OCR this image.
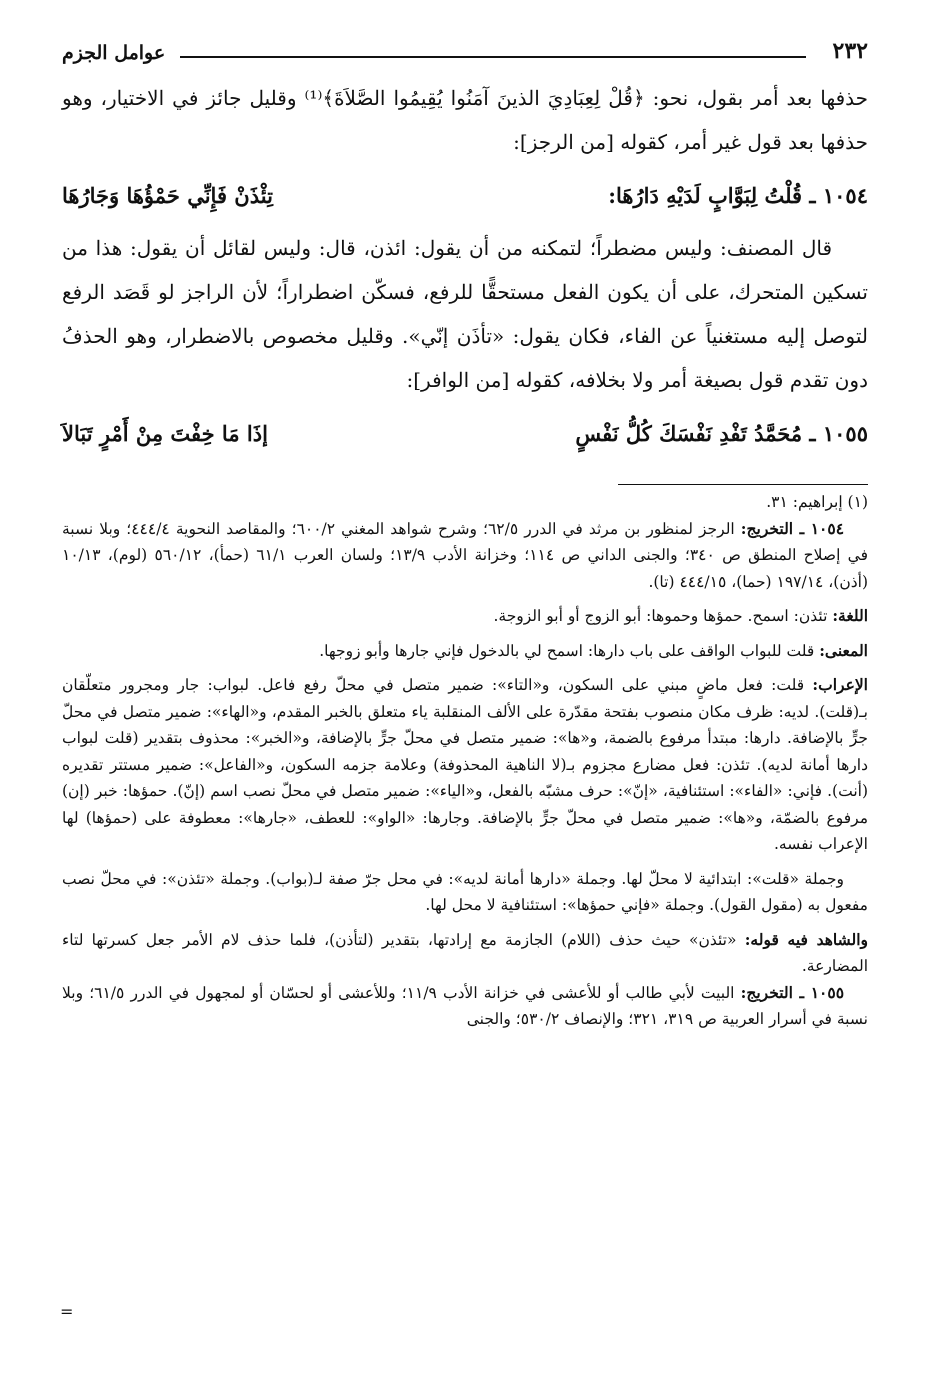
٢٣٢
عوامل الجزم

حذفها بعد أمر بقول، نحو: ﴿قُلْ لِعِبَادِيَ الذينَ آمَنُوا يُقِيمُوا الصَّلاَةَ﴾⁽¹⁾ وقليل جائز في الاختيار، وهو حذفها بعد قول غير أمر، كقوله [من الرجز]:

١٠٥٤ ـ قُلْتُ لِبَوَّابٍ لَدَيْهِ دَارُهَا:
تِئْذَنْ فَإِنِّي حَمْؤُهَا وَجَارُهَا

قال المصنف: وليس مضطراً؛ لتمكنه من أن يقول: ائذن، قال: وليس لقائل أن يقول: هذا من تسكين المتحرك، على أن يكون الفعل مستحقًّا للرفع، فسكّن اضطراراً؛ لأن الراجز لو قَصَد الرفع لتوصل إليه مستغنياً عن الفاء، فكان يقول: «تأذَن إنّي». وقليل مخصوص بالاضطرار، وهو الحذفُ دون تقدم قول بصيغة أمر ولا بخلافه، كقوله [من الوافر]:

١٠٥٥ ـ مُحَمَّدُ تَفْدِ نَفْسَكَ كُلُّ نَفْسٍ
إذَا مَا خِفْتَ مِنْ أَمْرٍ تَبَالاَ

(١) إبراهيم: ٣١.

١٠٥٤ ـ التخريج: الرجز لمنظور بن مرثد في الدرر ٦٢/٥؛ وشرح شواهد المغني ٦٠٠/٢؛ والمقاصد النحوية ٤٤٤/٤؛ وبلا نسبة في إصلاح المنطق ص ٣٤٠؛ والجنى الداني ص ١١٤؛ وخزانة الأدب ١٣/٩؛ ولسان العرب ٦١/١ (حمأ)، ٥٦٠/١٢ (لوم)، ١٠/١٣ (أذن)، ١٩٧/١٤ (حما)، ٤٤٤/١٥ (تا).

اللغة: تئذن: اسمح. حمؤها وحموها: أبو الزوج أو أبو الزوجة.

المعنى: قلت للبواب الواقف على باب دارها: اسمح لي بالدخول فإني جارها وأبو زوجها.

الإعراب: قلت: فعل ماضٍ مبني على السكون، و«التاء»: ضمير متصل في محلّ رفع فاعل. لبواب: جار ومجرور متعلّقان بـ(قلت). لديه: ظرف مكان منصوب بفتحة مقدّرة على الألف المنقلبة ياء متعلق بالخبر المقدم، و«الهاء»: ضمير متصل في محلّ جرٍّ بالإضافة. دارها: مبتدأ مرفوع بالضمة، و«ها»: ضمير متصل في محلّ جرٍّ بالإضافة، و«الخبر»: محذوف بتقدير (قلت لبواب دارها أمانة لديه). تئذن: فعل مضارع مجزوم بـ(لا الناهية المحذوفة) وعلامة جزمه السكون، و«الفاعل»: ضمير مستتر تقديره (أنت). فإني: «الفاء»: استئنافية، «إنّ»: حرف مشبّه بالفعل، و«الياء»: ضمير متصل في محلّ نصب اسم (إنّ). حمؤها: خبر (إن) مرفوع بالضمّة، و«ها»: ضمير متصل في محلّ جرٍّ بالإضافة. وجارها: «الواو»: للعطف، «جارها»: معطوفة على (حمؤها) لها الإعراب نفسه.

وجملة «قلت»: ابتدائية لا محلّ لها. وجملة «دارها أمانة لديه»: في محل جرّ صفة لـ(بواب). وجملة «تئذن»: في محلّ نصب مفعول به (مقول القول). وجملة «فإني حمؤها»: استئنافية لا محل لها.

والشاهد فيه قوله: «تئذن» حيث حذف (اللام) الجازمة مع إرادتها، بتقدير (لتأذن)، فلما حذف لام الأمر جعل كسرتها لتاء المضارعة.

١٠٥٥ ـ التخريج: البيت لأبي طالب أو للأعشى في خزانة الأدب ١١/٩؛ وللأعشى أو لحسّان أو لمجهول في الدرر ٦١/٥؛ وبلا نسبة في أسرار العربية ص ٣١٩، ٣٢١؛ والإنصاف ٥٣٠/٢؛ والجنى

=
